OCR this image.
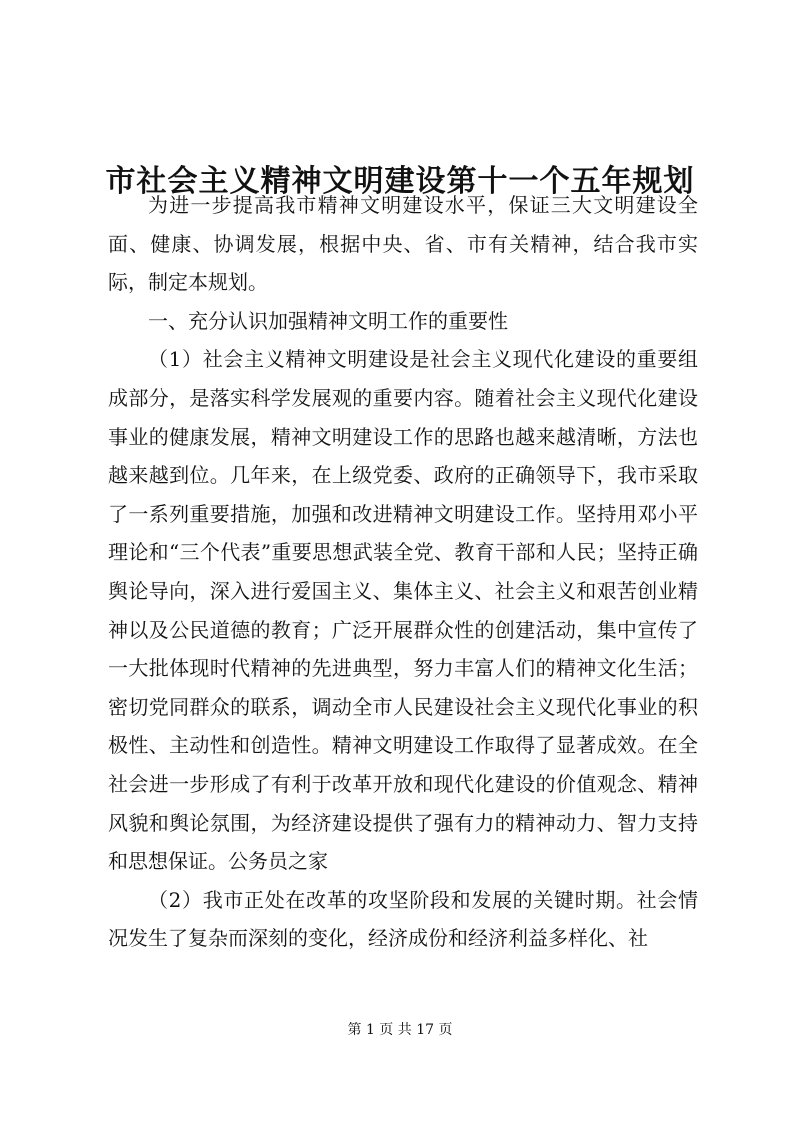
市社会主义精神文明建设第十一个五年规划

为进一步提高我市精神文明建设水平，保证三大文明建设全面、健康、协调发展，根据中央、省、市有关精神，结合我市实际，制定本规划。

一、充分认识加强精神文明工作的重要性

（1）社会主义精神文明建设是社会主义现代化建设的重要组成部分，是落实科学发展观的重要内容。随着社会主义现代化建设事业的健康发展，精神文明建设工作的思路也越来越清晰，方法也越来越到位。几年来，在上级党委、政府的正确领导下，我市采取了一系列重要措施，加强和改进精神文明建设工作。坚持用邓小平理论和“三个代表”重要思想武装全党、教育干部和人民；坚持正确舆论导向，深入进行爱国主义、集体主义、社会主义和艰苦创业精神以及公民道德的教育；广泛开展群众性的创建活动，集中宣传了一大批体现时代精神的先进典型，努力丰富人们的精神文化生活；密切党同群众的联系，调动全市人民建设社会主义现代化事业的积极性、主动性和创造性。精神文明建设工作取得了显著成效。在全社会进一步形成了有利于改革开放和现代化建设的价值观念、精神风貌和舆论氛围，为经济建设提供了强有力的精神动力、智力支持和思想保证。公务员之家

（2）我市正处在改革的攻坚阶段和发展的关键时期。社会情况发生了复杂而深刻的变化，经济成份和经济利益多样化、社

第 1 页 共 17 页
